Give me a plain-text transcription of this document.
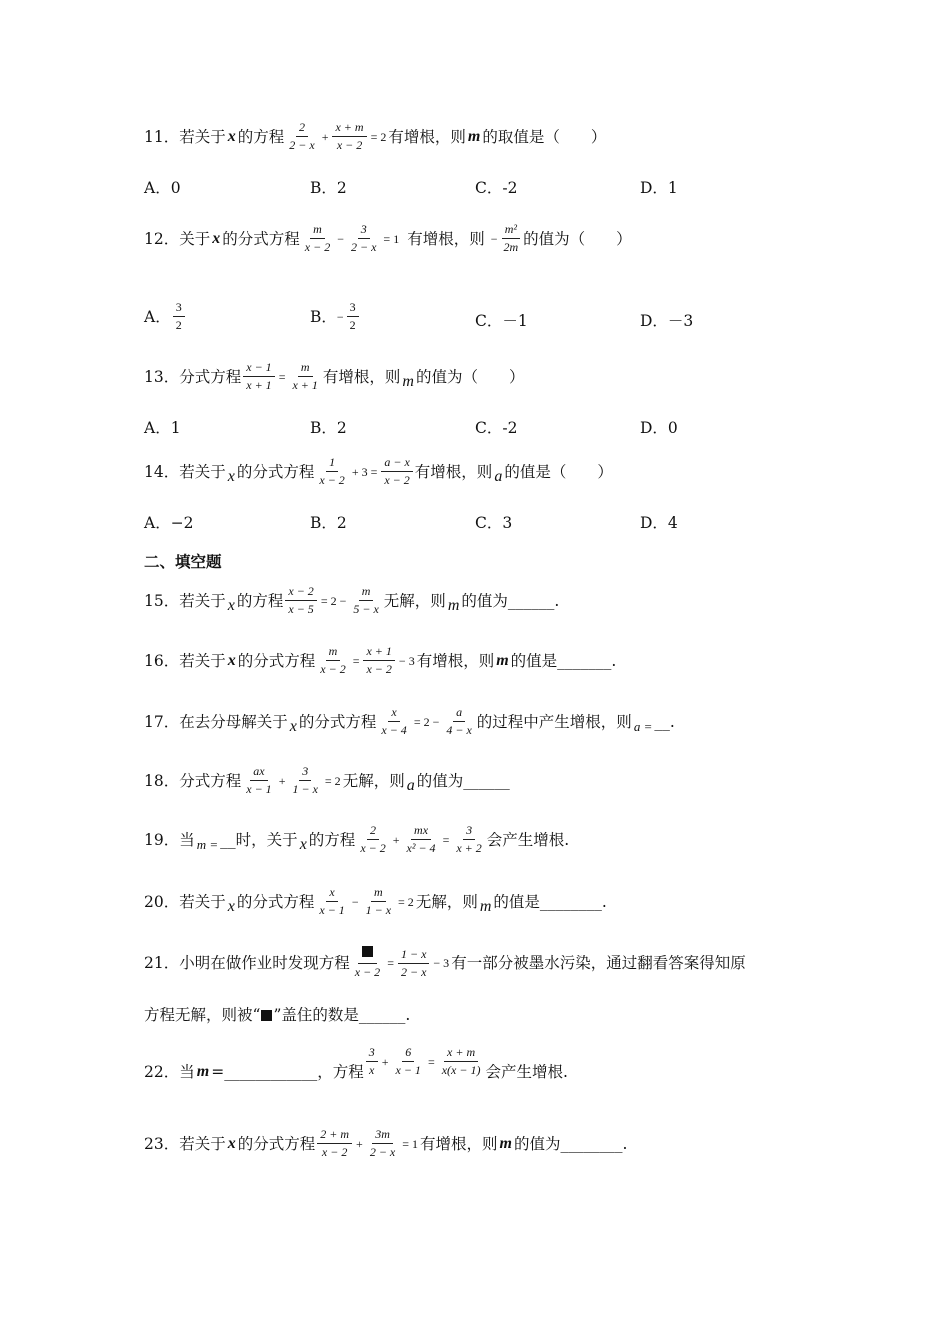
11． 若关于 x 的方程 $\frac{2}{2 - x} + \frac{x + m}{x - 2} = 2$ 有增根，则 m 的取值是（　　）
A．0	B．2	C．-2	D．1
12． 关于 x 的分式方程 $\frac{m}{x - 2} - \frac{3}{2 - x} = 1$ 有增根，则 − $\frac{\text{m²}}{2m}$ 的值为（　　）
A． $\frac{3}{2}$	B． − $\frac{3}{2}$	C．－1	D．－3
13． 分式方程 $\frac{x - 1}{x + 1} = \frac{m}{x + 1}$ 有增根，则 m 的值为（　　）
A．1	B．2	C．-2	D．0
14． 若关于 x 的分式方程 $\frac{1}{x - 2} + 3 = \frac{a - x}{x - 2}$ 有增根，则 a 的值是（　　）
A．−2	B．2	C．3	D．4
二、填空题
15． 若关于 x 的方程 $\frac{x - 2}{x - 5} = 2 - \frac{m}{5 - x}$ 无解，则 m 的值为______.
16． 若关于 x 的分式方程 $\frac{m}{x - 2} = \frac{x + 1}{x - 2} - 3$ 有增根，则 m 的值是_______.
17． 在去分母解关于 x 的分式方程 $\frac{x}{x - 4} = 2 - \frac{a}{4 - x}$ 的过程中产生增根，则 a = __.
18． 分式方程 $\frac{ax}{x - 1} + \frac{3}{1 - x} = 2$ 无解，则 a 的值为______
19． 当 m = __ 时，关于 x 的方程 $\frac{2}{x - 2} + \frac{mx}{\text{x² − 4}} = \frac{3}{x + 2}$ 会产生增根.
20． 若关于 x 的分式方程 $\frac{x}{x - 1} - \frac{m}{1 - x} = 2$ 无解，则 m 的值是________.
21． 小明在做作业时发现方程 x − 2
= $\frac{1 - x}{2 - x} - 3$ 有一部分被墨水污染，通过翻看答案得知原
方程无解，则被“ ”盖住的数是______.
22． 当 m =____________ ，方程 $\frac{3}{x} + \frac{6}{x - 1} = \frac{x + m}{x(x - 1)}$ 会产生增根.
23． 若关于 x 的分式方程 $\frac{2 + m}{x - 2} + \frac{3m}{2 - x} = 1$ 有增根，则 m 的值为________.
